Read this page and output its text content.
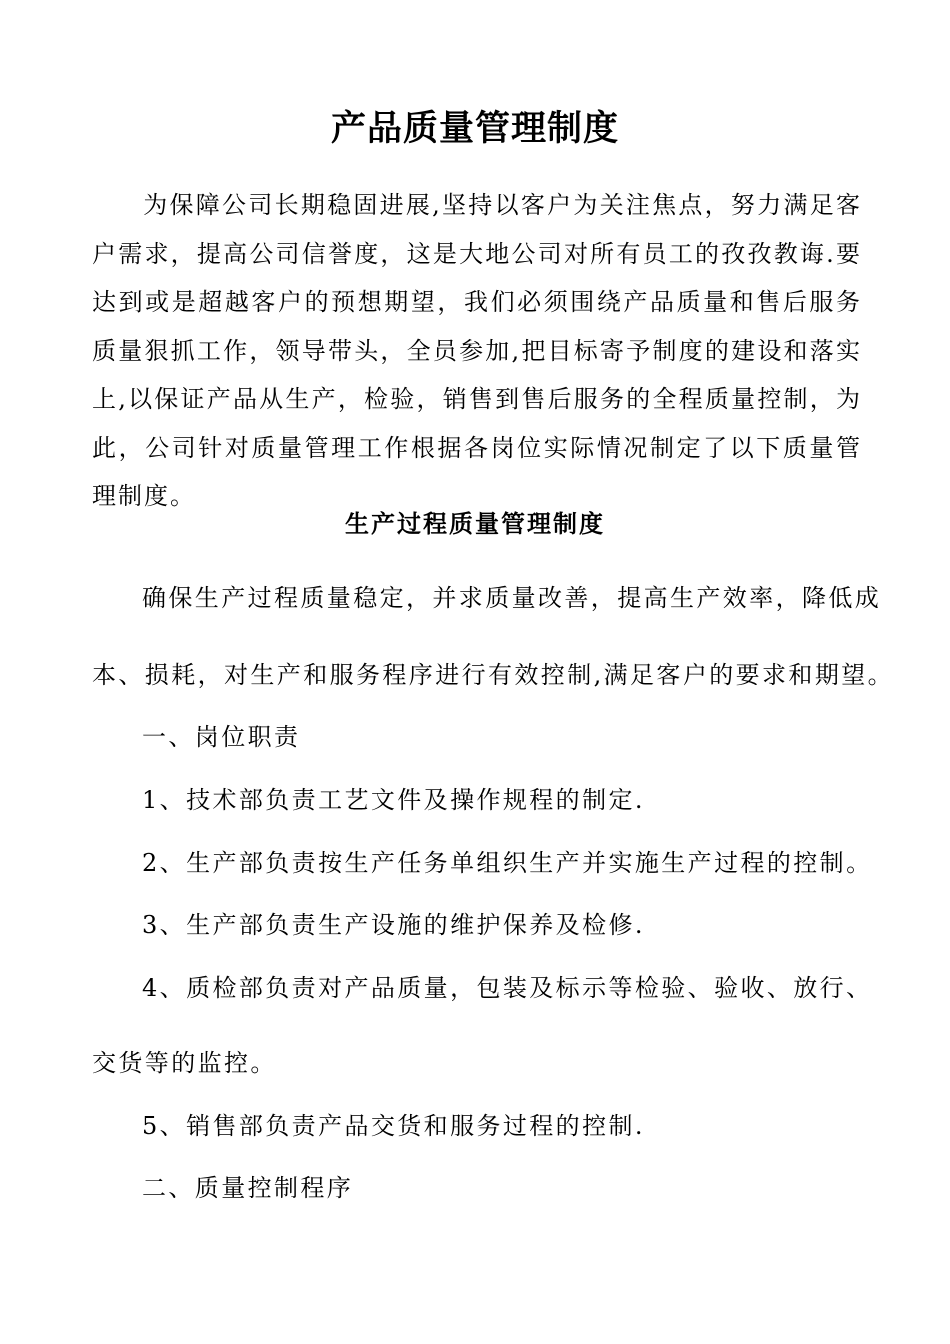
产品质量管理制度

为保障公司长期稳固进展,坚持以客户为关注焦点，努力满足客户需求，提高公司信誉度，这是大地公司对所有员工的孜孜教诲.要达到或是超越客户的预想期望，我们必须围绕产品质量和售后服务质量狠抓工作，领导带头，全员参加,把目标寄予制度的建设和落实上,以保证产品从生产，检验，销售到售后服务的全程质量控制，为此，公司针对质量管理工作根据各岗位实际情况制定了以下质量管理制度。

生产过程质量管理制度

确保生产过程质量稳定，并求质量改善，提高生产效率，降低成

本、损耗，对生产和服务程序进行有效控制,满足客户的要求和期望。

一、岗位职责

1、技术部负责工艺文件及操作规程的制定.

2、生产部负责按生产任务单组织生产并实施生产过程的控制。

3、生产部负责生产设施的维护保养及检修.

4、质检部负责对产品质量，包装及标示等检验、验收、放行、

交货等的监控。

5、销售部负责产品交货和服务过程的控制.

二、质量控制程序
